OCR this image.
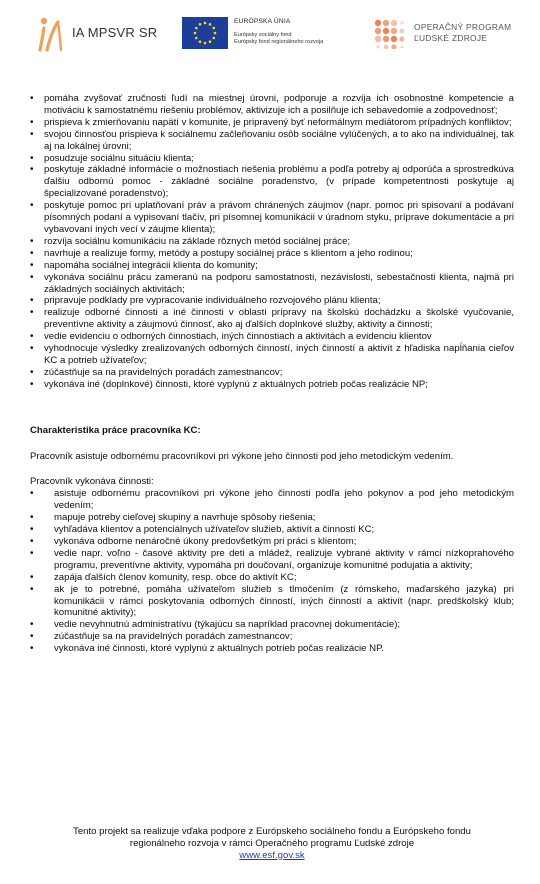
IA MPSVR SR
EURÓPSKA ÚNIA
Európsky sociálny fond
Európsky fond regionálneho rozvoja
OPERAČNÝ PROGRAM
ĽUDSKÉ ZDROJE
• pomáha zvyšovať zručnosti ľudí na miestnej úrovni, podporuje a rozvíja ich osobnostné kompetencie a motiváciu k samostatnému riešeniu problémov, aktivizuje ich a posilňuje ich sebavedomie a zodpovednosť;
• prispieva k zmierňovaniu napätí v komunite, je pripravený byť neformálnym mediátorom prípadných konfliktov;
• svojou činnosťou prispieva k sociálnemu začleňovaniu osôb sociálne vylúčených, a to ako na individuálnej, tak aj na lokálnej úrovni;
• posudzuje sociálnu situáciu klienta;
• poskytuje základné informácie o možnostiach riešenia problému a podľa potreby aj odporúča a sprostredkúva ďalšiu odbornú pomoc - základné sociálne poradenstvo, (v prípade kompetentnosti poskytuje aj špecializované poradenstvo);
• poskytuje pomoc pri uplatňovaní práv a právom chránených záujmov (napr. pomoc pri spisovaní a podávaní písomných podaní a vypisovaní tlačív, pri písomnej komunikácii v úradnom styku, príprave dokumentácie a pri vybavovaní iných vecí v záujme klienta);
• rozvíja sociálnu komunikáciu na základe rôznych metód sociálnej práce;
• navrhuje a realizuje formy, metódy a postupy sociálnej práce s klientom a jeho rodinou;
• napomáha sociálnej integrácii klienta do komunity;
• vykonáva sociálnu prácu zameranú na podporu samostatnosti, nezávislosti, sebestačnosti klienta, najmä pri základných sociálnych aktivitách;
• pripravuje podklady pre vypracovanie individuálneho rozvojového plánu klienta;
• realizuje odborné činnosti a iné činnosti v oblasti prípravy na školskú dochádzku a školské vyučovanie, preventívne aktivity a záujmovú činnosť, ako aj ďalších doplnkové služby, aktivity a činnosti;
• vedie evidenciu o odborných činnostiach, iných činnostiach a aktivitách a evidenciu klientov
• vyhodnocuje výsledky zrealizovaných odborných činností, iných činností a aktivít z hľadiska napĺňania cieľov KC a potrieb užívateľov;
• zúčastňuje sa na pravidelných poradách zamestnancov;
• vykonáva iné (doplnkové) činnosti, ktoré vyplynú z aktuálnych potrieb počas realizácie NP;
Charakteristika práce pracovníka KC:
Pracovník asistuje odbornému pracovníkovi pri výkone jeho činnosti pod jeho metodickým vedením.
Pracovník vykonáva činnosti:
• asistuje odbornému pracovníkovi pri výkone jeho činnosti podľa jeho pokynov a pod jeho metodickým vedením;
• mapuje potreby cieľovej skupiny a navrhuje spôsoby riešenia;
• vyhľadáva klientov a potenciálnych užívateľov služieb, aktivít a činností KC;
• vykonáva odborne nenáročné úkony predovšetkým pri práci s klientom;
• vedie napr. voľno - časové aktivity pre deti a mládež, realizuje vybrané aktivity v rámci nízkoprahového programu, preventívne aktivity, vypomáha pri doučovaní, organizuje komunitné podujatia a aktivity;
• zapája ďalších členov komunity, resp. obce do aktivít KC;
• ak je to potrebné, pomáha užívateľom služieb s tlmočením (z rómskeho, maďarského jazyka) pri komunikácii v rámci poskytovania odborných činností, iných činností a aktivít (napr. predškolský klub; komunitné aktivity);
• vedie nevyhnutnú administratívu (týkajúcu sa napríklad pracovnej dokumentácie);
• zúčastňuje sa na pravidelných poradách zamestnancov;
• vykonáva iné činnosti, ktoré vyplynú z aktuálnych potrieb počas realizácie NP.
Tento projekt sa realizuje vďaka podpore z Európskeho sociálneho fondu a Európskeho fondu
regionálneho rozvoja v rámci Operačného programu Ľudské zdroje
www.esf.gov.sk
